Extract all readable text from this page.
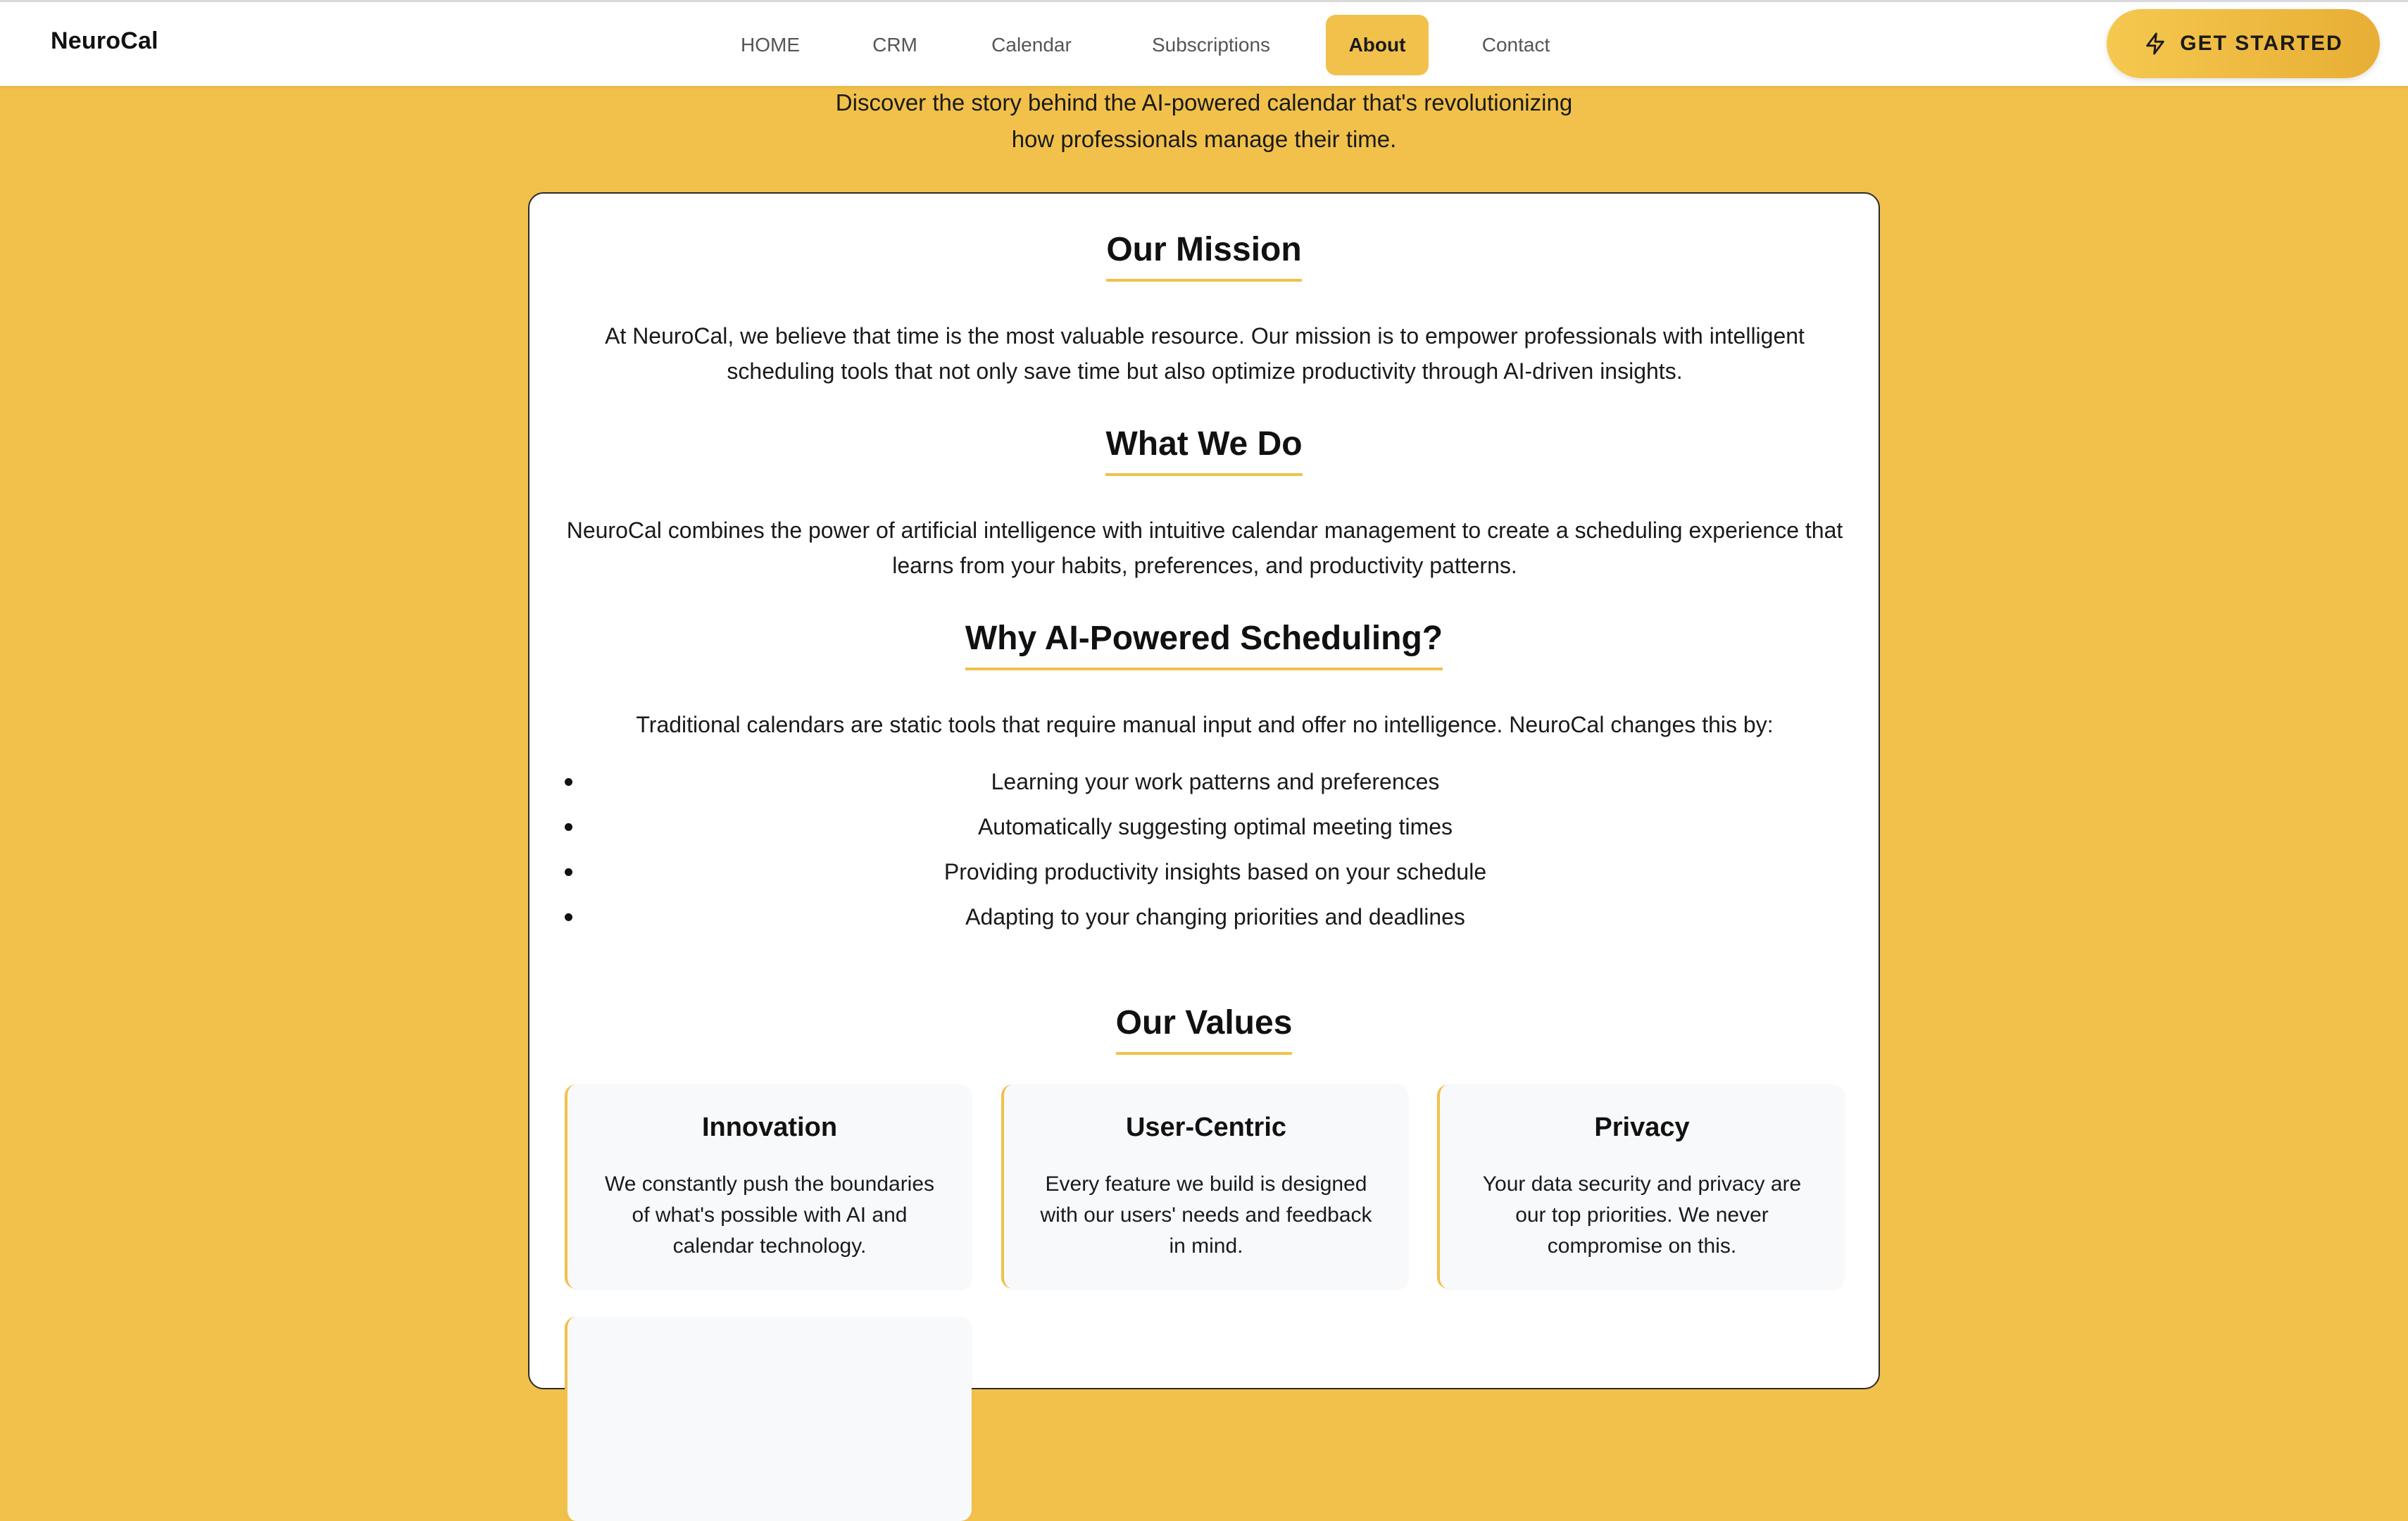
NeuroCal	HOME	CRM	Calendar	Subscriptions	About	Contact	GET STARTED
Discover the story behind the AI-powered calendar that's revolutionizing
how professionals manage their time.
Our Mission
At NeuroCal, we believe that time is the most valuable resource. Our mission is to empower professionals with intelligent scheduling tools that not only save time but also optimize productivity through AI-driven insights.
What We Do
NeuroCal combines the power of artificial intelligence with intuitive calendar management to create a scheduling experience that learns from your habits, preferences, and productivity patterns.
Why AI-Powered Scheduling?
Traditional calendars are static tools that require manual input and offer no intelligence. NeuroCal changes this by:
Learning your work patterns and preferences
Automatically suggesting optimal meeting times
Providing productivity insights based on your schedule
Adapting to your changing priorities and deadlines
Our Values
Innovation
We constantly push the boundaries of what's possible with AI and calendar technology.
User-Centric
Every feature we build is designed with our users' needs and feedback in mind.
Privacy
Your data security and privacy are our top priorities. We never compromise on this.
